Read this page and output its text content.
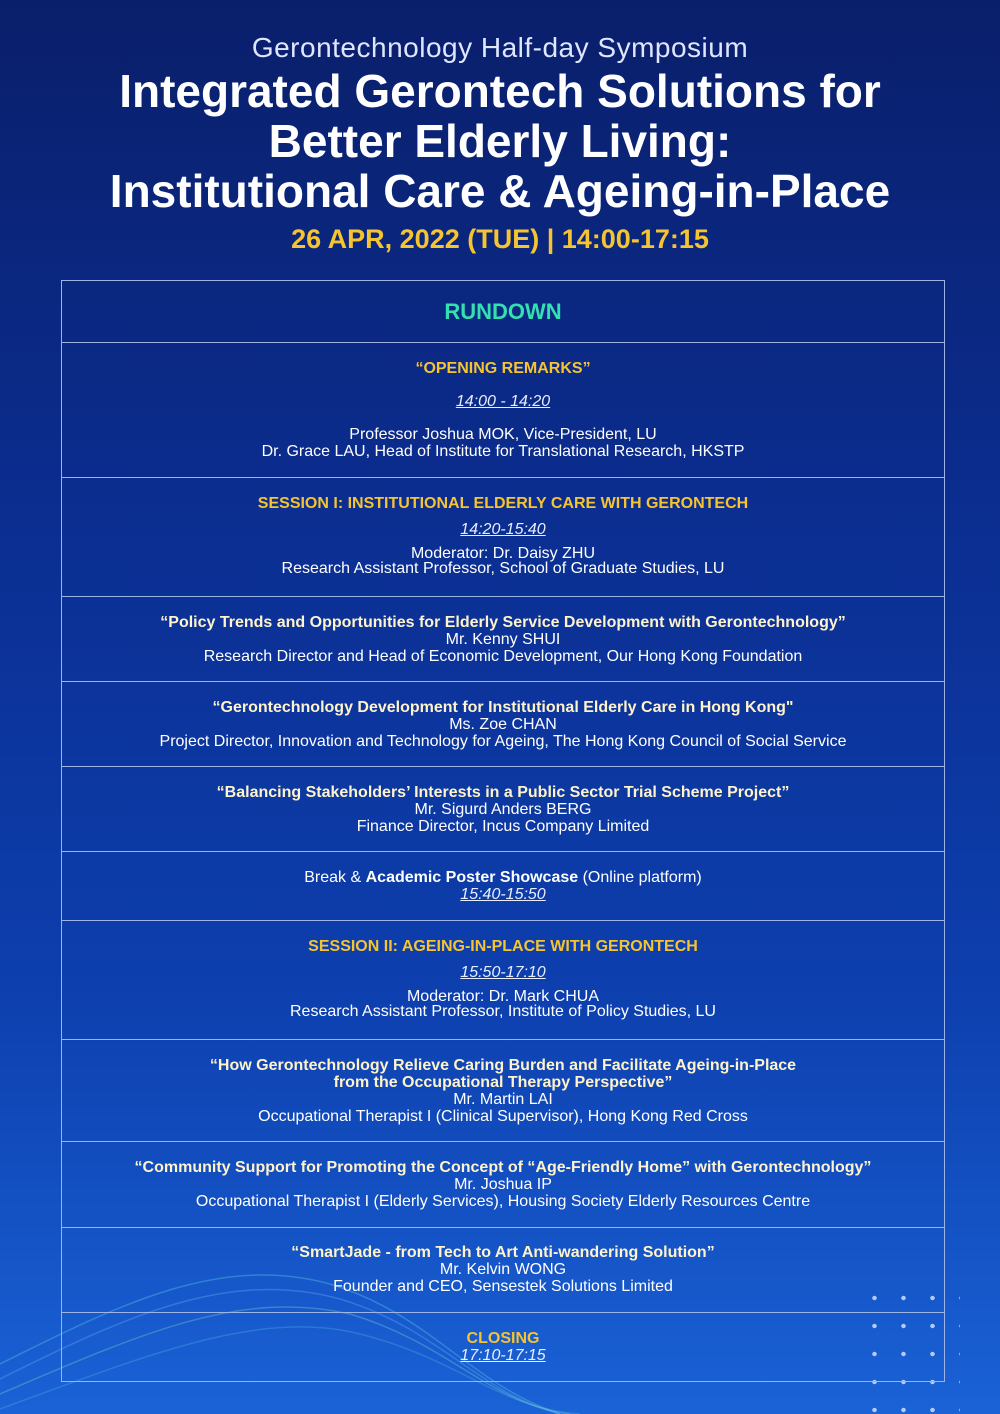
Gerontechnology Half-day Symposium
Integrated Gerontech Solutions for
Better Elderly Living:
Institutional Care & Ageing-in-Place
26 APR, 2022 (TUE) | 14:00-17:15
RUNDOWN
“OPENING REMARKS”
14:00 - 14:20
Professor Joshua MOK, Vice-President, LU
Dr. Grace LAU, Head of Institute for Translational Research, HKSTP
SESSION I: INSTITUTIONAL ELDERLY CARE WITH GERONTECH
14:20-15:40
Moderator: Dr. Daisy ZHU
Research Assistant Professor, School of Graduate Studies, LU
“Policy Trends and Opportunities for Elderly Service Development with Gerontechnology”
Mr. Kenny SHUI
Research Director and Head of Economic Development, Our Hong Kong Foundation
“Gerontechnology Development for Institutional Elderly Care in Hong Kong"
Ms. Zoe CHAN
Project Director, Innovation and Technology for Ageing, The Hong Kong Council of Social Service
“Balancing Stakeholders’ Interests in a Public Sector Trial Scheme Project”
Mr. Sigurd Anders BERG
Finance Director, Incus Company Limited
Break & Academic Poster Showcase (Online platform)
15:40-15:50
SESSION II: AGEING-IN-PLACE WITH GERONTECH
15:50-17:10
Moderator: Dr. Mark CHUA
Research Assistant Professor, Institute of Policy Studies, LU
“How Gerontechnology Relieve Caring Burden and Facilitate Ageing-in-Place
from the Occupational Therapy Perspective”
Mr. Martin LAI
Occupational Therapist I (Clinical Supervisor), Hong Kong Red Cross
“Community Support for Promoting the Concept of “Age-Friendly Home” with Gerontechnology”
Mr. Joshua IP
Occupational Therapist I (Elderly Services), Housing Society Elderly Resources Centre
“SmartJade - from Tech to Art Anti-wandering Solution”
Mr. Kelvin WONG
Founder and CEO, Sensestek Solutions Limited
CLOSING
17:10-17:15
